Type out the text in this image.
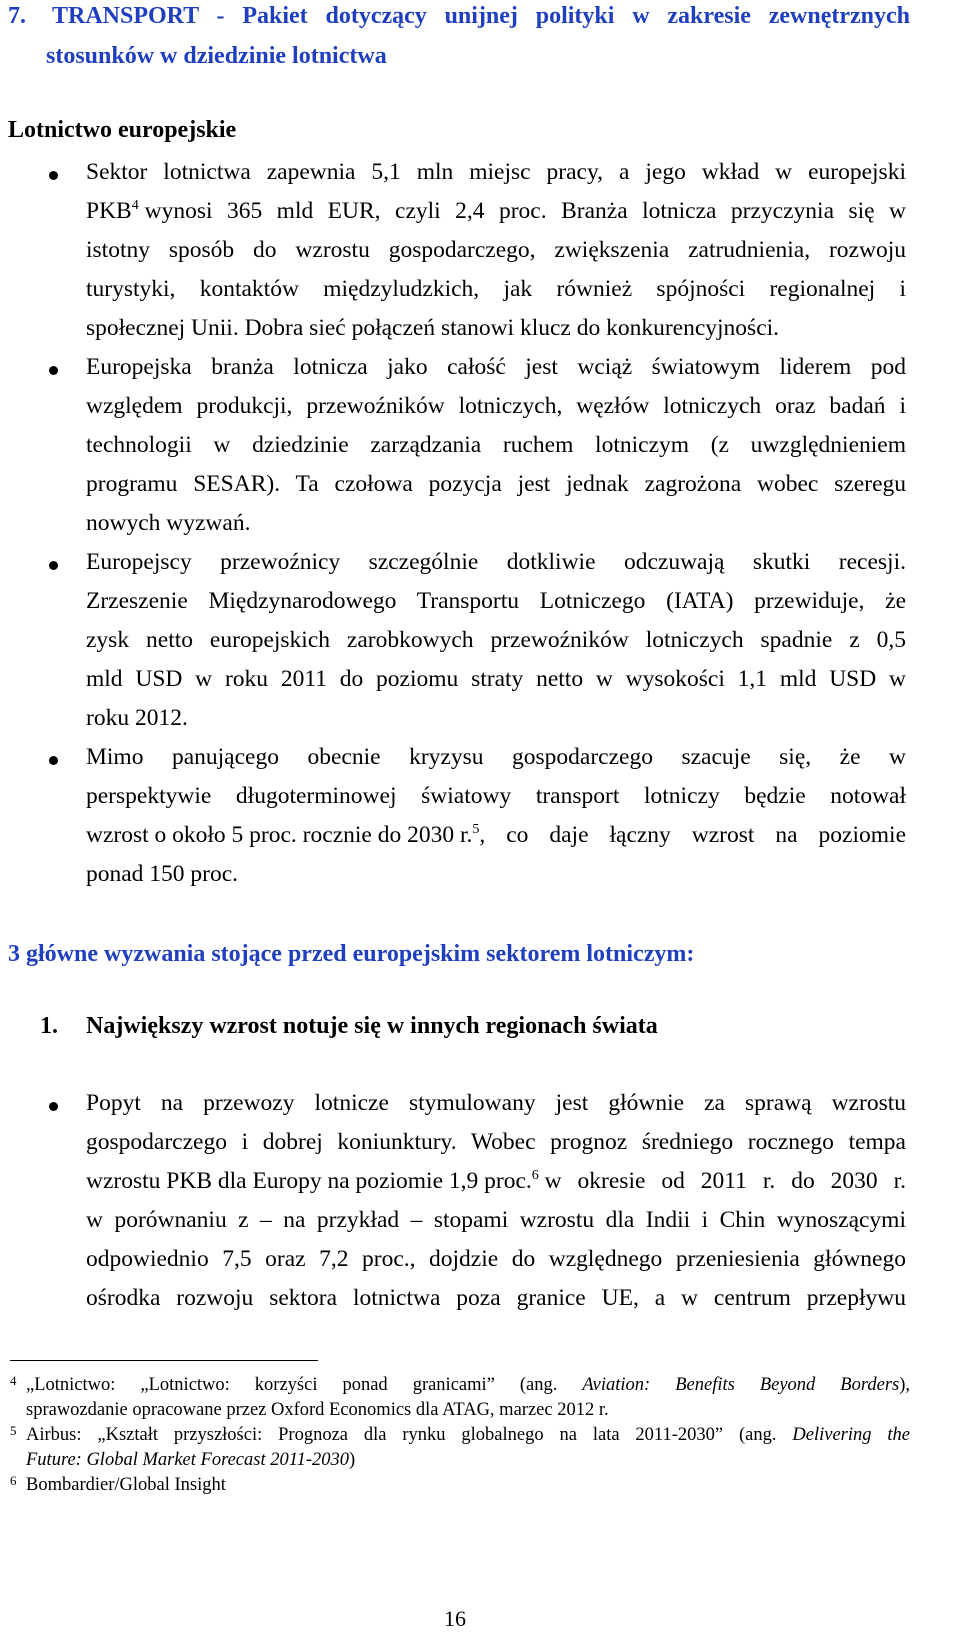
7. TRANSPORT - Pakiet dotyczący unijnej polityki w zakresie zewnętrznych
stosunków w dziedzinie lotnictwa
Lotnictwo europejskie
Sektor lotnictwa zapewnia 5,1 mln miejsc pracy, a jego wkład w europejski
PKB$^4$ wynosi 365 mld EUR, czyli 2,4 proc. Branża lotnicza przyczynia się w
istotny sposób do wzrostu gospodarczego, zwiększenia zatrudnienia, rozwoju
turystyki, kontaktów międzyludzkich, jak również spójności regionalnej i
społecznej Unii. Dobra sieć połączeń stanowi klucz do konkurencyjności.
Europejska branża lotnicza jako całość jest wciąż światowym liderem pod
względem produkcji, przewoźników lotniczych, węzłów lotniczych oraz badań i
technologii w dziedzinie zarządzania ruchem lotniczym (z uwzględnieniem
programu SESAR). Ta czołowa pozycja jest jednak zagrożona wobec szeregu
nowych wyzwań.
Europejscy przewoźnicy szczególnie dotkliwie odczuwają skutki recesji.
Zrzeszenie Międzynarodowego Transportu Lotniczego (IATA) przewiduje, że
zysk netto europejskich zarobkowych przewoźników lotniczych spadnie z 0,5
mld USD w roku 2011 do poziomu straty netto w wysokości 1,1 mld USD w
roku 2012.
Mimo panującego obecnie kryzysu gospodarczego szacuje się, że w
perspektywie długoterminowej światowy transport lotniczy będzie notował
wzrost o około 5 proc. rocznie do 2030 r.$^5$ , co daje łączny wzrost na poziomie
ponad 150 proc.
3 główne wyzwania stojące przed europejskim sektorem lotniczym:
1. Największy wzrost notuje się w innych regionach świata
Popyt na przewozy lotnicze stymulowany jest głównie za sprawą wzrostu
gospodarczego i dobrej koniunktury. Wobec prognoz średniego rocznego tempa
wzrostu PKB dla Europy na poziomie 1,9 proc.$^6$ w okresie od 2011 r. do 2030 r.
w porównaniu z – na przykład – stopami wzrostu dla Indii i Chin wynoszącymi
odpowiednio 7,5 oraz 7,2 proc., dojdzie do względnego przeniesienia głównego
ośrodka rozwoju sektora lotnictwa poza granice UE, a w centrum przepływu
4 „Lotnictwo: „Lotnictwo: korzyści ponad granicami” (ang. Aviation: Benefits Beyond Borders),
sprawozdanie opracowane przez Oxford Economics dla ATAG, marzec 2012 r.
5 Airbus: „Kształt przyszłości: Prognoza dla rynku globalnego na lata 2011-2030” (ang. Delivering the
Future: Global Market Forecast 2011-2030)
6 Bombardier/Global Insight
16
